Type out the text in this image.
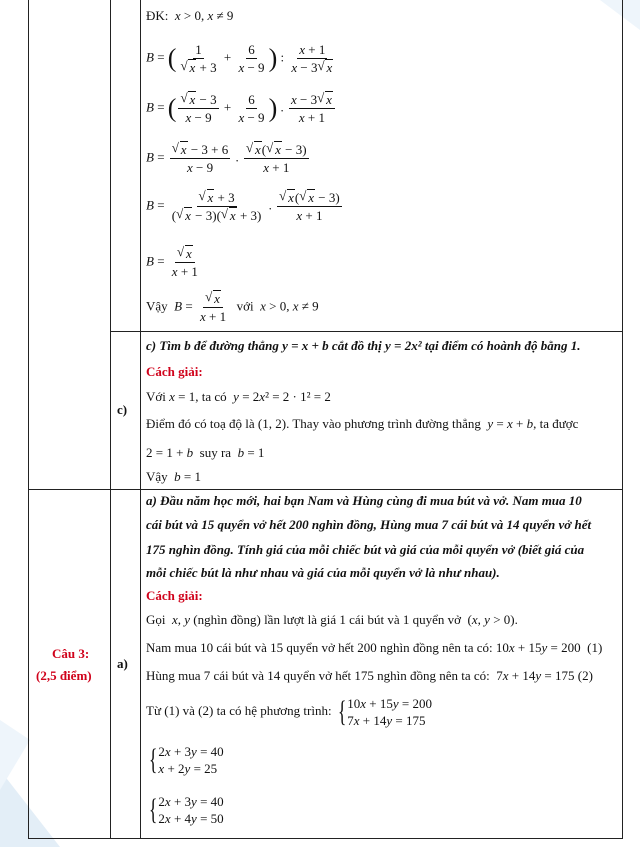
ĐK: x > 0, x ≠ 9
B = ( 1
√ $x + 3 + \frac{6}{x - 9}$ ) : $\frac{x + 1}{x - 3 √ x}$
B = ( √ $\frac{x - 3}{x - 9} + \frac{6}{x - 9}$ ) . $\frac{x - 3 √ x}{x + 1}$
B = √ $\frac{x - 3 + 6}{x - 9}$ . √ $\frac{x( √ x - 3)}{x + 1}$
B = √ $\frac{x + 3}{( √ x - 3)( √ x + 3)}$ . √ $\frac{x( √ x - 3)}{x + 1}$
B = √ $\frac{x}{x + 1}$
Vậy B = √ $\frac{x}{x + 1}$ với x > 0, x ≠ 9
c)
c) Tìm b để đường thẳng y = x + b cắt đồ thị y = 2x² tại điểm có hoành độ bằng 1.
Cách giải:
Với x = 1, ta có y = 2x² = 2 · 1² = 2
Điểm đó có toạ độ là (1, 2). Thay vào phương trình đường thẳng y = x + b, ta được
2 = 1 + b suy ra b = 1
Vậy b = 1
Câu 3:
(2,5 điểm)
a)
a) Đầu năm học mới, hai bạn Nam và Hùng cùng đi mua bút và vở. Nam mua 10
cái bút và 15 quyển vở hết 200 nghìn đồng, Hùng mua 7 cái bút và 14 quyển vở hết
175 nghìn đồng. Tính giá của mỗi chiếc bút và giá của mỗi quyển vở (biết giá của
mỗi chiếc bút là như nhau và giá của mỗi quyển vở là như nhau).
Cách giải:
Gọi x, y (nghìn đồng) lần lượt là giá 1 cái bút và 1 quyển vở  (x, y > 0).
Nam mua 10 cái bút và 15 quyển vở hết 200 nghìn đồng nên ta có: 10x + 15y = 200  (1)
Hùng mua 7 cái bút và 14 quyển vở hết 175 nghìn đồng nên ta có:  7x + 14y = 175 (2)
Từ (1) và (2) ta có hệ phương trình: {10x + 15y = 200
7x + 14y = 175
{2x + 3y = 40
x + 2y = 25
{2x + 3y = 40
2x + 4y = 50
